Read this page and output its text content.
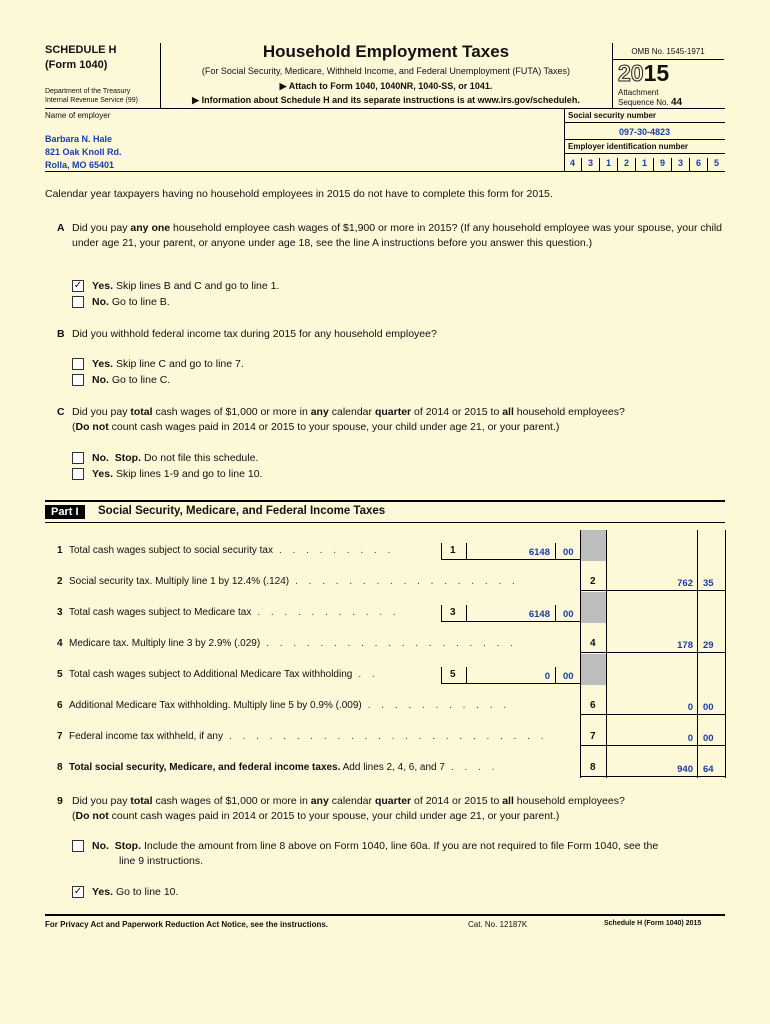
SCHEDULE H
(Form 1040)
Department of the Treasury
Internal Revenue Service (99)
Household Employment Taxes
(For Social Security, Medicare, Withheld Income, and Federal Unemployment (FUTA) Taxes)
▶ Attach to Form 1040, 1040NR, 1040-SS, or 1041.
▶ Information about Schedule H and its separate instructions is at www.irs.gov/scheduleh.
OMB No. 1545-1971
2015
Attachment
Sequence No. 44
Name of employer
Barbara N. Hale
821 Oak Knoll Rd.
Rolla, MO 65401
Social security number
097-30-4823
Employer identification number
4	3	1	2	1	9	3	6	5
Calendar year taxpayers having no household employees in 2015 do not have to complete this form for 2015.
A Did you pay any one household employee cash wages of $1,900 or more in 2015? (If any household employee was your spouse, your child under age 21, your parent, or anyone under age 18, see the line A instructions before you answer this question.)
✓ Yes. Skip lines B and C and go to line 1.
No. Go to line B.
B Did you withhold federal income tax during 2015 for any household employee?
Yes. Skip line C and go to line 7.
No. Go to line C.
C Did you pay total cash wages of $1,000 or more in any calendar quarter of 2014 or 2015 to all household employees?
(Do not count cash wages paid in 2014 or 2015 to your spouse, your child under age 21, or your parent.)
No. Stop. Do not file this schedule.
Yes. Skip lines 1-9 and go to line 10.
Part I	Social Security, Medicare, and Federal Income Taxes
1 Total cash wages subject to social security tax . . . . . . . . .	1	6148 00
2 Social security tax. Multiply line 1 by 12.4% (.124) . . . . . . . . . . . . . . . . .	2	762 35
3 Total cash wages subject to Medicare tax . . . . . . . . . . .	3	6148 00
4 Medicare tax. Multiply line 3 by 2.9% (.029) . . . . . . . . . . . . . . . . . . .	4	178 29
5 Total cash wages subject to Additional Medicare Tax withholding . .	5	0 00
6 Additional Medicare Tax withholding. Multiply line 5 by 0.9% (.009) . . . . . . . . . . .	6	0 00
7 Federal income tax withheld, if any . . . . . . . . . . . . . . . . . . . . . . . .	7	0 00
8 Total social security, Medicare, and federal income taxes. Add lines 2, 4, 6, and 7 . . . .	8	940 64
9 Did you pay total cash wages of $1,000 or more in any calendar quarter of 2014 or 2015 to all household employees?
(Do not count cash wages paid in 2014 or 2015 to your spouse, your child under age 21, or your parent.)
No. Stop. Include the amount from line 8 above on Form 1040, line 60a. If you are not required to file Form 1040, see the
line 9 instructions.
✓ Yes. Go to line 10.
For Privacy Act and Paperwork Reduction Act Notice, see the instructions.	Cat. No. 12187K	Schedule H (Form 1040) 2015
